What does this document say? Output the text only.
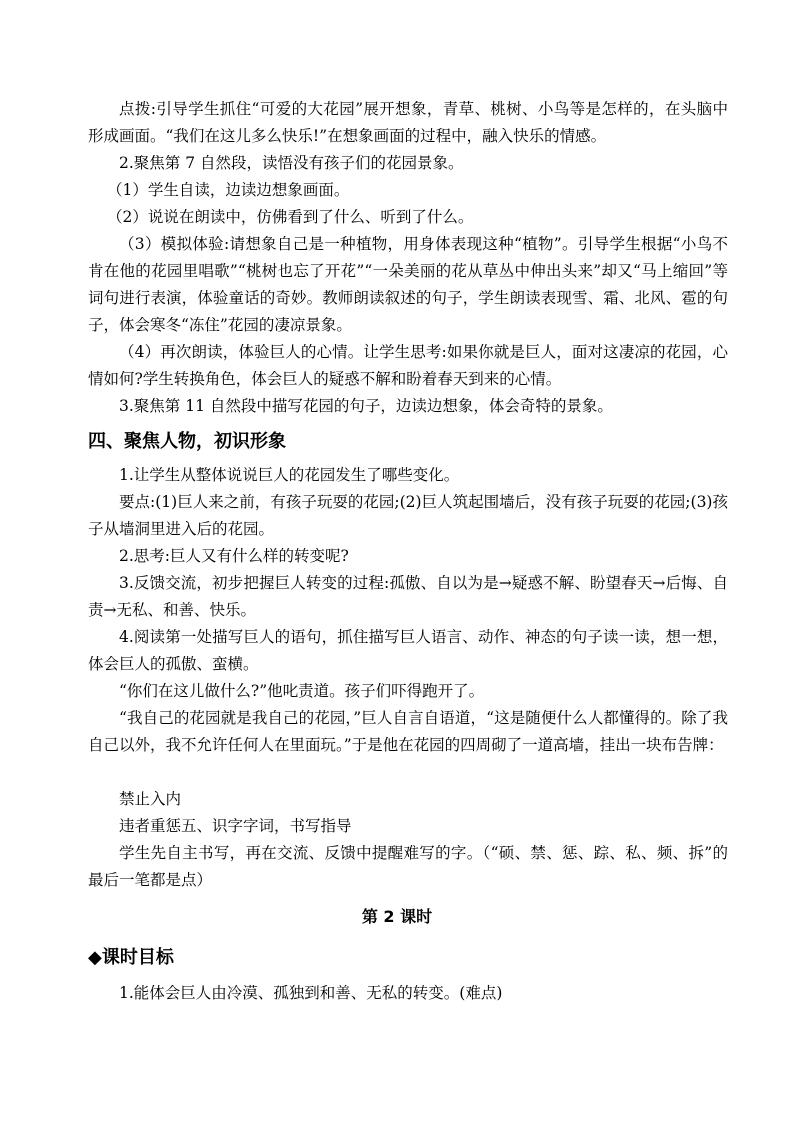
点拨:引导学生抓住“可爱的大花园”展开想象，青草、桃树、小鸟等是怎样的，在头脑中形成画面。“我们在这儿多么快乐!”在想象画面的过程中，融入快乐的情感。

2.聚焦第 7 自然段，读悟没有孩子们的花园景象。

（1）学生自读，边读边想象画面。

（2）说说在朗读中，仿佛看到了什么、听到了什么。

（3）模拟体验:请想象自己是一种植物，用身体表现这种“植物”。引导学生根据“小鸟不肯在他的花园里唱歌”“桃树也忘了开花”“一朵美丽的花从草丛中伸出头来”却又“马上缩回”等词句进行表演，体验童话的奇妙。教师朗读叙述的句子，学生朗读表现雪、霜、北风、雹的句子，体会寒冬“冻住”花园的凄凉景象。

（4）再次朗读，体验巨人的心情。让学生思考:如果你就是巨人，面对这凄凉的花园，心情如何?学生转换角色，体会巨人的疑惑不解和盼着春天到来的心情。

3.聚焦第 11 自然段中描写花园的句子，边读边想象，体会奇特的景象。

四、聚焦人物，初识形象

1.让学生从整体说说巨人的花园发生了哪些变化。

要点:(1)巨人来之前，有孩子玩耍的花园;(2)巨人筑起围墙后，没有孩子玩耍的花园;(3)孩子从墙洞里进入后的花园。

2.思考:巨人又有什么样的转变呢?

3.反馈交流，初步把握巨人转变的过程:孤傲、自以为是→疑惑不解、盼望春天→后悔、自责→无私、和善、快乐。

4.阅读第一处描写巨人的语句，抓住描写巨人语言、动作、神态的句子读一读，想一想，体会巨人的孤傲、蛮横。

“你们在这儿做什么?”他叱责道。孩子们吓得跑开了。

“我自己的花园就是我自己的花园，”巨人自言自语道，“这是随便什么人都懂得的。除了我自己以外，我不允许任何人在里面玩。”于是他在花园的四周砌了一道高墙，挂出一块布告牌：

禁止入内

违者重惩五、识字字词，书写指导

学生先自主书写，再在交流、反馈中提醒难写的字。（“硕、禁、惩、踪、私、频、拆”的最后一笔都是点）

第 2 课时
◆课时目标

1.能体会巨人由冷漠、孤独到和善、无私的转变。(难点)
